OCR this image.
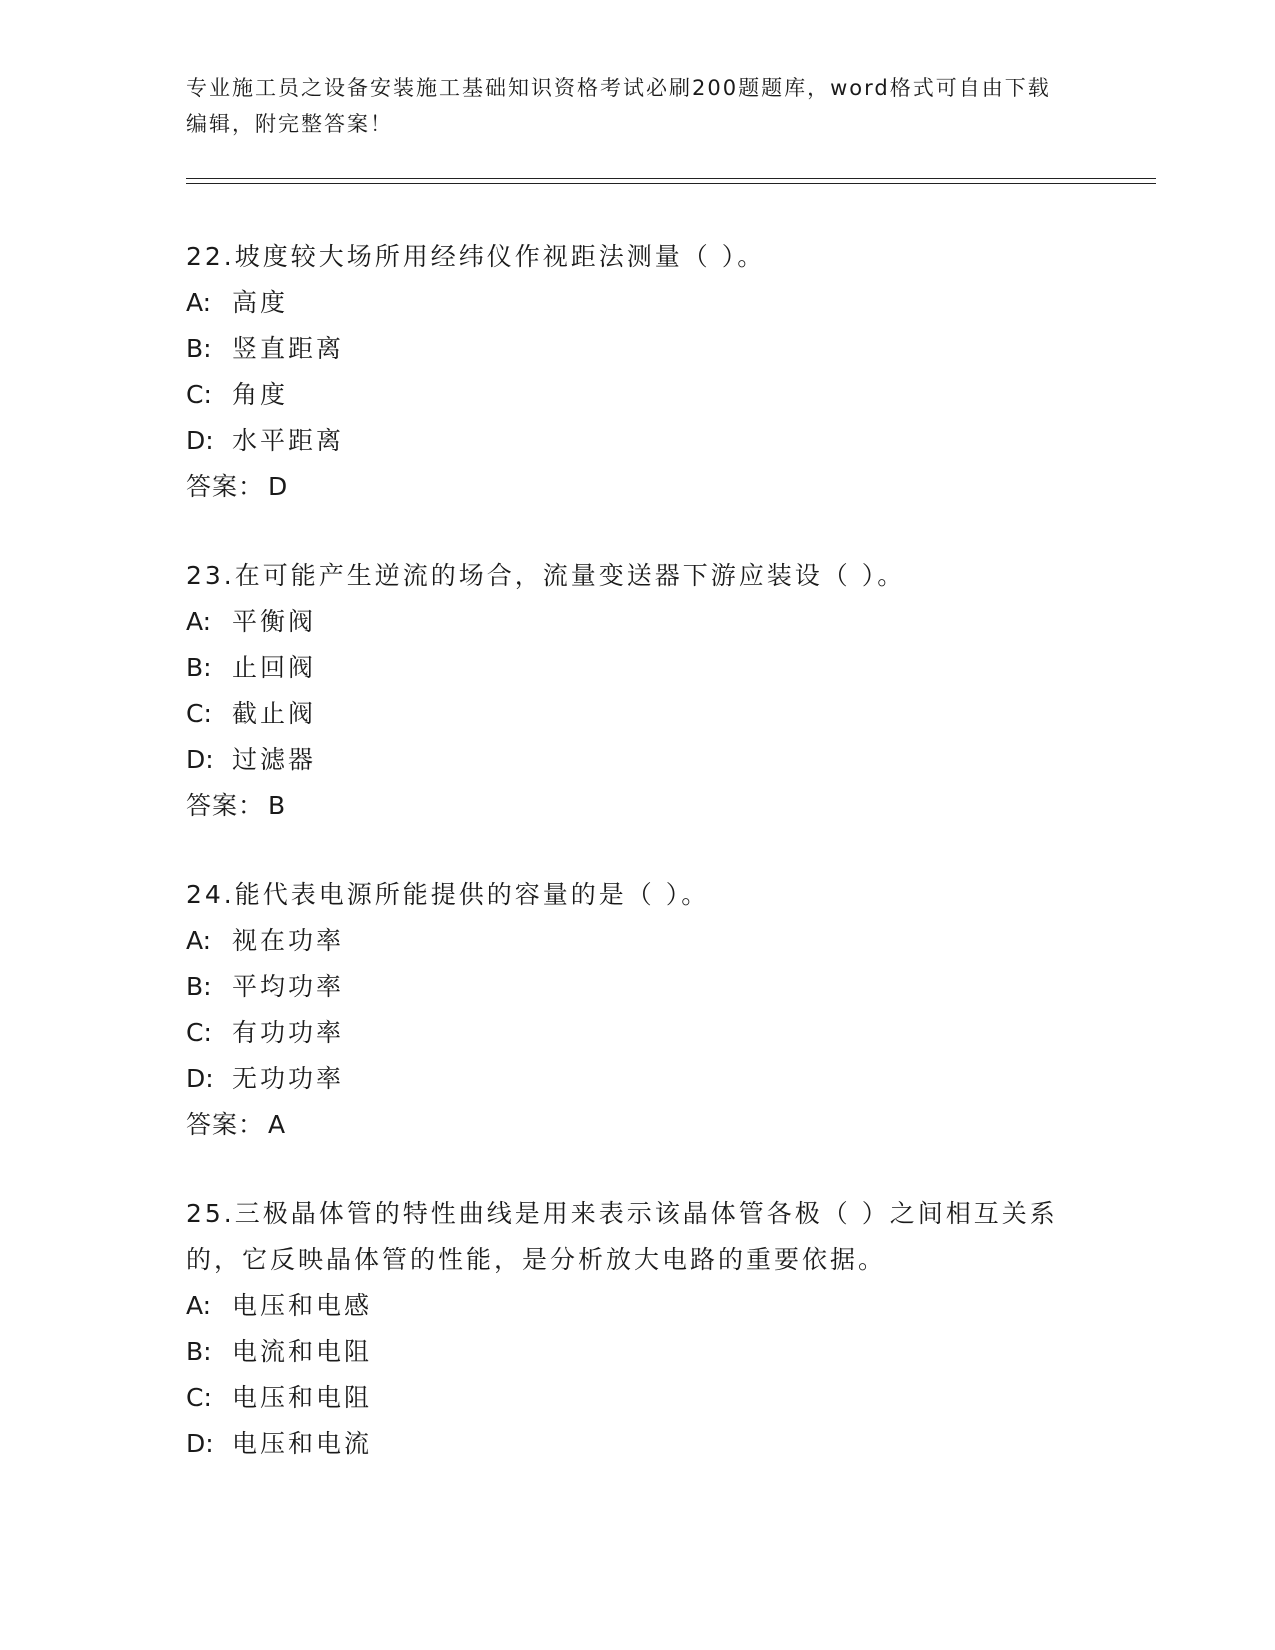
专业施工员之设备安装施工基础知识资格考试必刷200题题库，word格式可自由下载编辑，附完整答案！

22.坡度较大场所用经纬仪作视距法测量（ ）。

A: 高度
B: 竖直距离
C: 角度
D: 水平距离
答案： D

23.在可能产生逆流的场合，流量变送器下游应装设（ ）。

A: 平衡阀
B: 止回阀
C: 截止阀
D: 过滤器
答案： B

24.能代表电源所能提供的容量的是（ ）。

A: 视在功率
B: 平均功率
C: 有功功率
D: 无功功率
答案： A

25.三极晶体管的特性曲线是用来表示该晶体管各极（ ）之间相互关系的，它反映晶体管的性能，是分析放大电路的重要依据。

A: 电压和电感
B: 电流和电阻
C: 电压和电阻
D: 电压和电流
